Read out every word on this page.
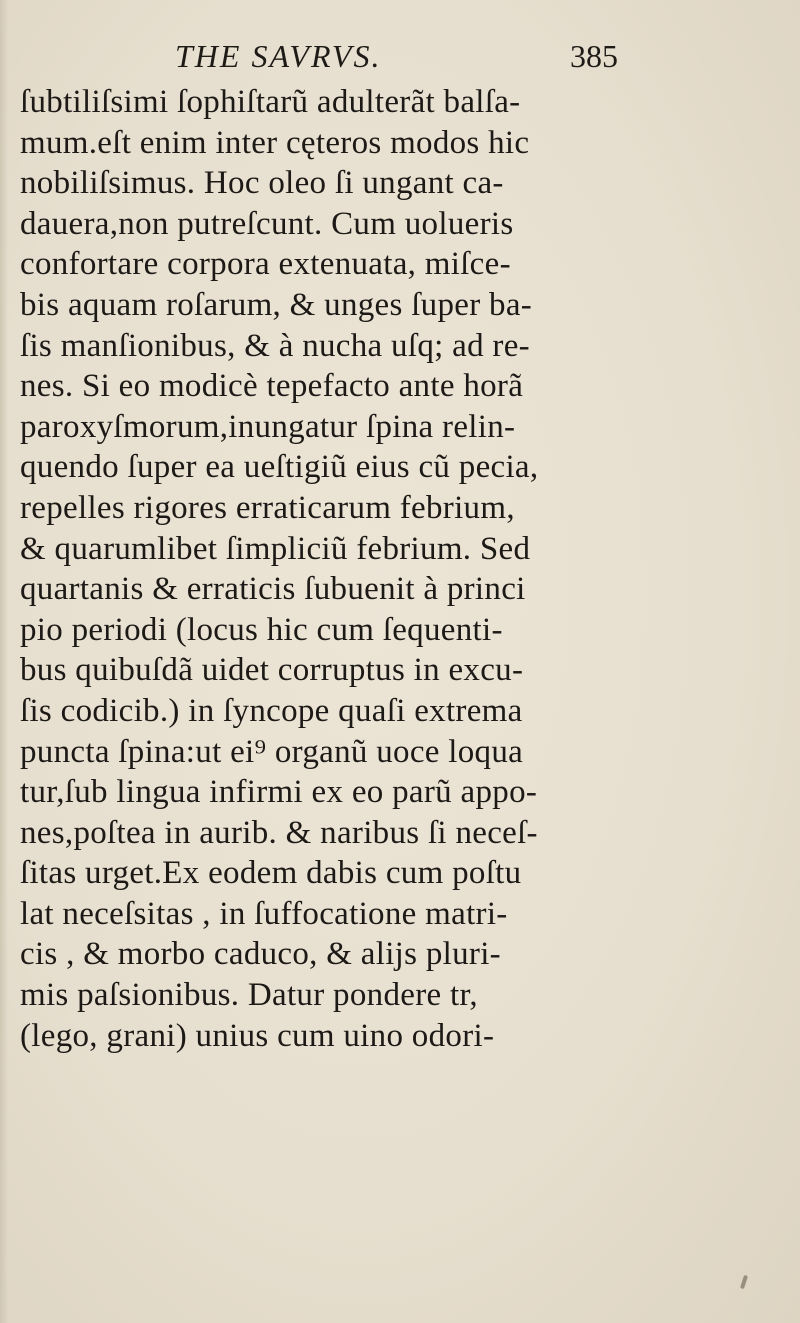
THE SAVRVS.	385
ſubtiliſsimi ſophiſtarũ adulterãt balſa-
mum.eſt enim inter cęteros modos hic
nobiliſsimus. Hoc oleo ſi ungant ca-
dauera,non putreſcunt. Cum uolueris
confortare corpora extenuata, miſce-
bis aquam roſarum, & unges ſuper ba-
ſis manſionibus, & à nucha uſq; ad re-
nes. Si eo modicè tepefacto ante horã
paroxyſmorum,inungatur ſpina relin-
quendo ſuper ea ueſtigiũ eius cũ pecia,
repelles rigores erraticarum febrium,
& quarumlibet ſimpliciũ febrium. Sed
quartanis & erraticis ſubuenit à princi
pio periodi (locus hic cum ſequenti-
bus quibuſdã uidet corruptus in excu-
ſis codicib.) in ſyncope quaſi extrema
puncta ſpina:ut ei⁹ organũ uoce loqua
tur,ſub lingua infirmi ex eo parũ appo-
nes,poſtea in aurib. & naribus ſi neceſ-
ſitas urget.Ex eodem dabis cum poſtu
lat neceſsitas , in ſuffocatione matri-
cis , & morbo caduco, & alijs pluri-
mis paſsionibus. Datur pondere tr,
(lego, grani) unius cum uino odori-
